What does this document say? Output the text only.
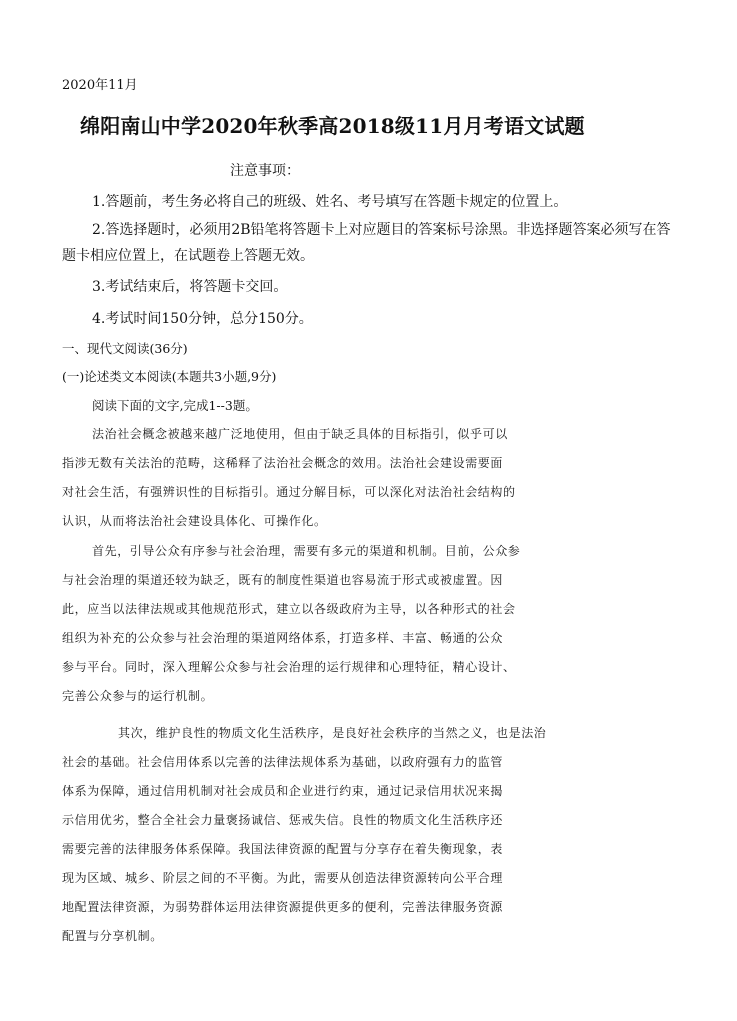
2020年11月
绵阳南山中学2020年秋季高2018级11月月考语文试题
注意事项：
1.答题前，考生务必将自己的班级、姓名、考号填写在答题卡规定的位置上。
2.答选择题时，必须用2B铅笔将答题卡上对应题目的答案标号涂黑。非选择题答案必须写在答
题卡相应位置上，在试题卷上答题无效。
3.考试结束后，将答题卡交回。
4.考试时间150分钟，总分150分。
一、现代文阅读(36分)
(一)论述类文本阅读(本题共3小题,9分)
阅读下面的文字,完成1--3题。
法治社会概念被越来越广泛地使用，但由于缺乏具体的目标指引，似乎可以
指涉无数有关法治的范畴，这稀释了法治社会概念的效用。法治社会建设需要面
对社会生活，有强辨识性的目标指引。通过分解目标，可以深化对法治社会结构的
认识，从而将法治社会建设具体化、可操作化。
首先，引导公众有序参与社会治理，需要有多元的渠道和机制。目前，公众参
与社会治理的渠道还较为缺乏，既有的制度性渠道也容易流于形式或被虚置。因
此，应当以法律法规或其他规范形式，建立以各级政府为主导，以各种形式的社会
组织为补充的公众参与社会治理的渠道网络体系，打造多样、丰富、畅通的公众
参与平台。同时，深入理解公众参与社会治理的运行规律和心理特征，精心设计、
完善公众参与的运行机制。
其次，维护良性的物质文化生活秩序，是良好社会秩序的当然之义，也是法治
社会的基础。社会信用体系以完善的法律法规体系为基础，以政府强有力的监管
体系为保障，通过信用机制对社会成员和企业进行约束，通过记录信用状况来揭
示信用优劣，整合全社会力量褒扬诚信、惩戒失信。良性的物质文化生活秩序还
需要完善的法律服务体系保障。我国法律资源的配置与分享存在着失衡现象，表
现为区域、城乡、阶层之间的不平衡。为此，需要从创造法律资源转向公平合理
地配置法律资源，为弱势群体运用法律资源提供更多的便利，完善法律服务资源
配置与分享机制。
